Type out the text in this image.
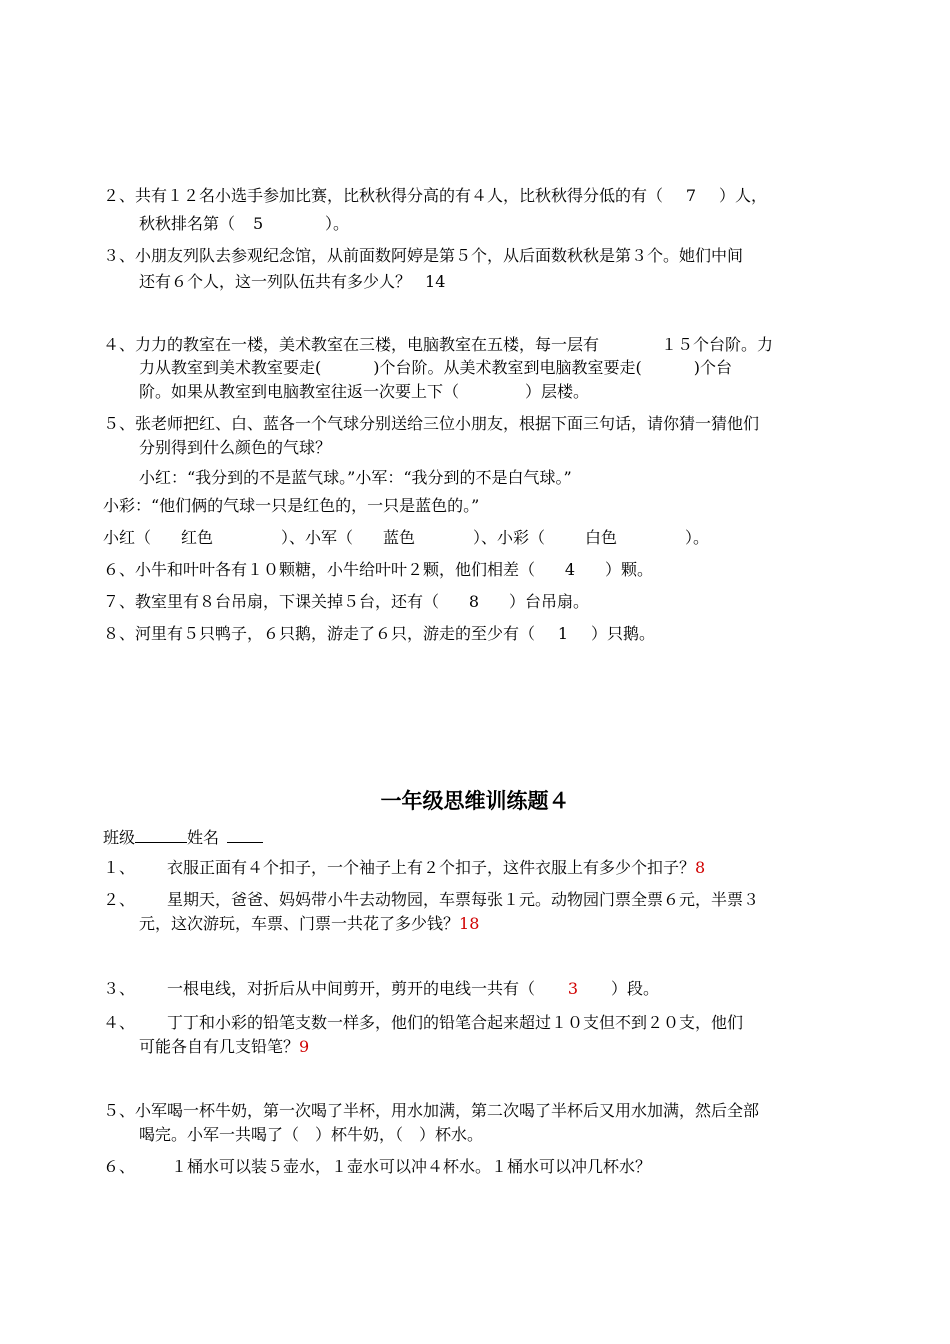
２、共有１２名小选手参加比赛，比秋秋得分高的有４人，比秋秋得分低的有（ 7 ）人，
秋秋排名第（ 5	）。
３、小朋友列队去参观纪念馆，从前面数阿婷是第５个，从后面数秋秋是第３个。她们中间
还有６个人，这一列队伍共有多少人？ 14
４、力力的教室在一楼，美术教室在三楼，电脑教室在五楼，每一层有	１５个台阶。力
力从教室到美术教室要走(	)个台阶。从美术教室到电脑教室要走(	)个台
阶。如果从教室到电脑教室往返一次要上下（	）层楼。
５、张老师把红、白、蓝各一个气球分别送给三位小朋友，根据下面三句话，请你猜一猜他们
分别得到什么颜色的气球？
小红：“我分到的不是蓝气球。”小军：“我分到的不是白气球。”
小彩：“他们俩的气球一只是红色的，一只是蓝色的。”
小红（ 红色	）、小军（ 蓝色	）、小彩（	白色	）。
６、小牛和叶叶各有１０颗糖，小牛给叶叶２颗，他们相差（ 4 ）颗。
７、教室里有８台吊扇，下课关掉５台，还有（ 8 ）台吊扇。
８、河里有５只鸭子，６只鹅，游走了６只，游走的至少有（ 1 ）只鹅。
一年级思维训练题４
班级	姓名
１、 衣服正面有４个扣子，一个袖子上有２个扣子，这件衣服上有多少个扣子？8
２、 星期天，爸爸、妈妈带小牛去动物园，车票每张１元。动物园门票全票６元，半票３
元，这次游玩，车票、门票一共花了多少钱？18
３、 一根电线，对折后从中间剪开，剪开的电线一共有（ 3 ）段。
４、 丁丁和小彩的铅笔支数一样多，他们的铅笔合起来超过１０支但不到２０支，他们
可能各自有几支铅笔？9
５、小军喝一杯牛奶，第一次喝了半杯，用水加满，第二次喝了半杯后又用水加满，然后全部
喝完。小军一共喝了（　）杯牛奶，（　）杯水。
６、 １桶水可以装５壶水，１壶水可以冲４杯水。１桶水可以冲几杯水？
